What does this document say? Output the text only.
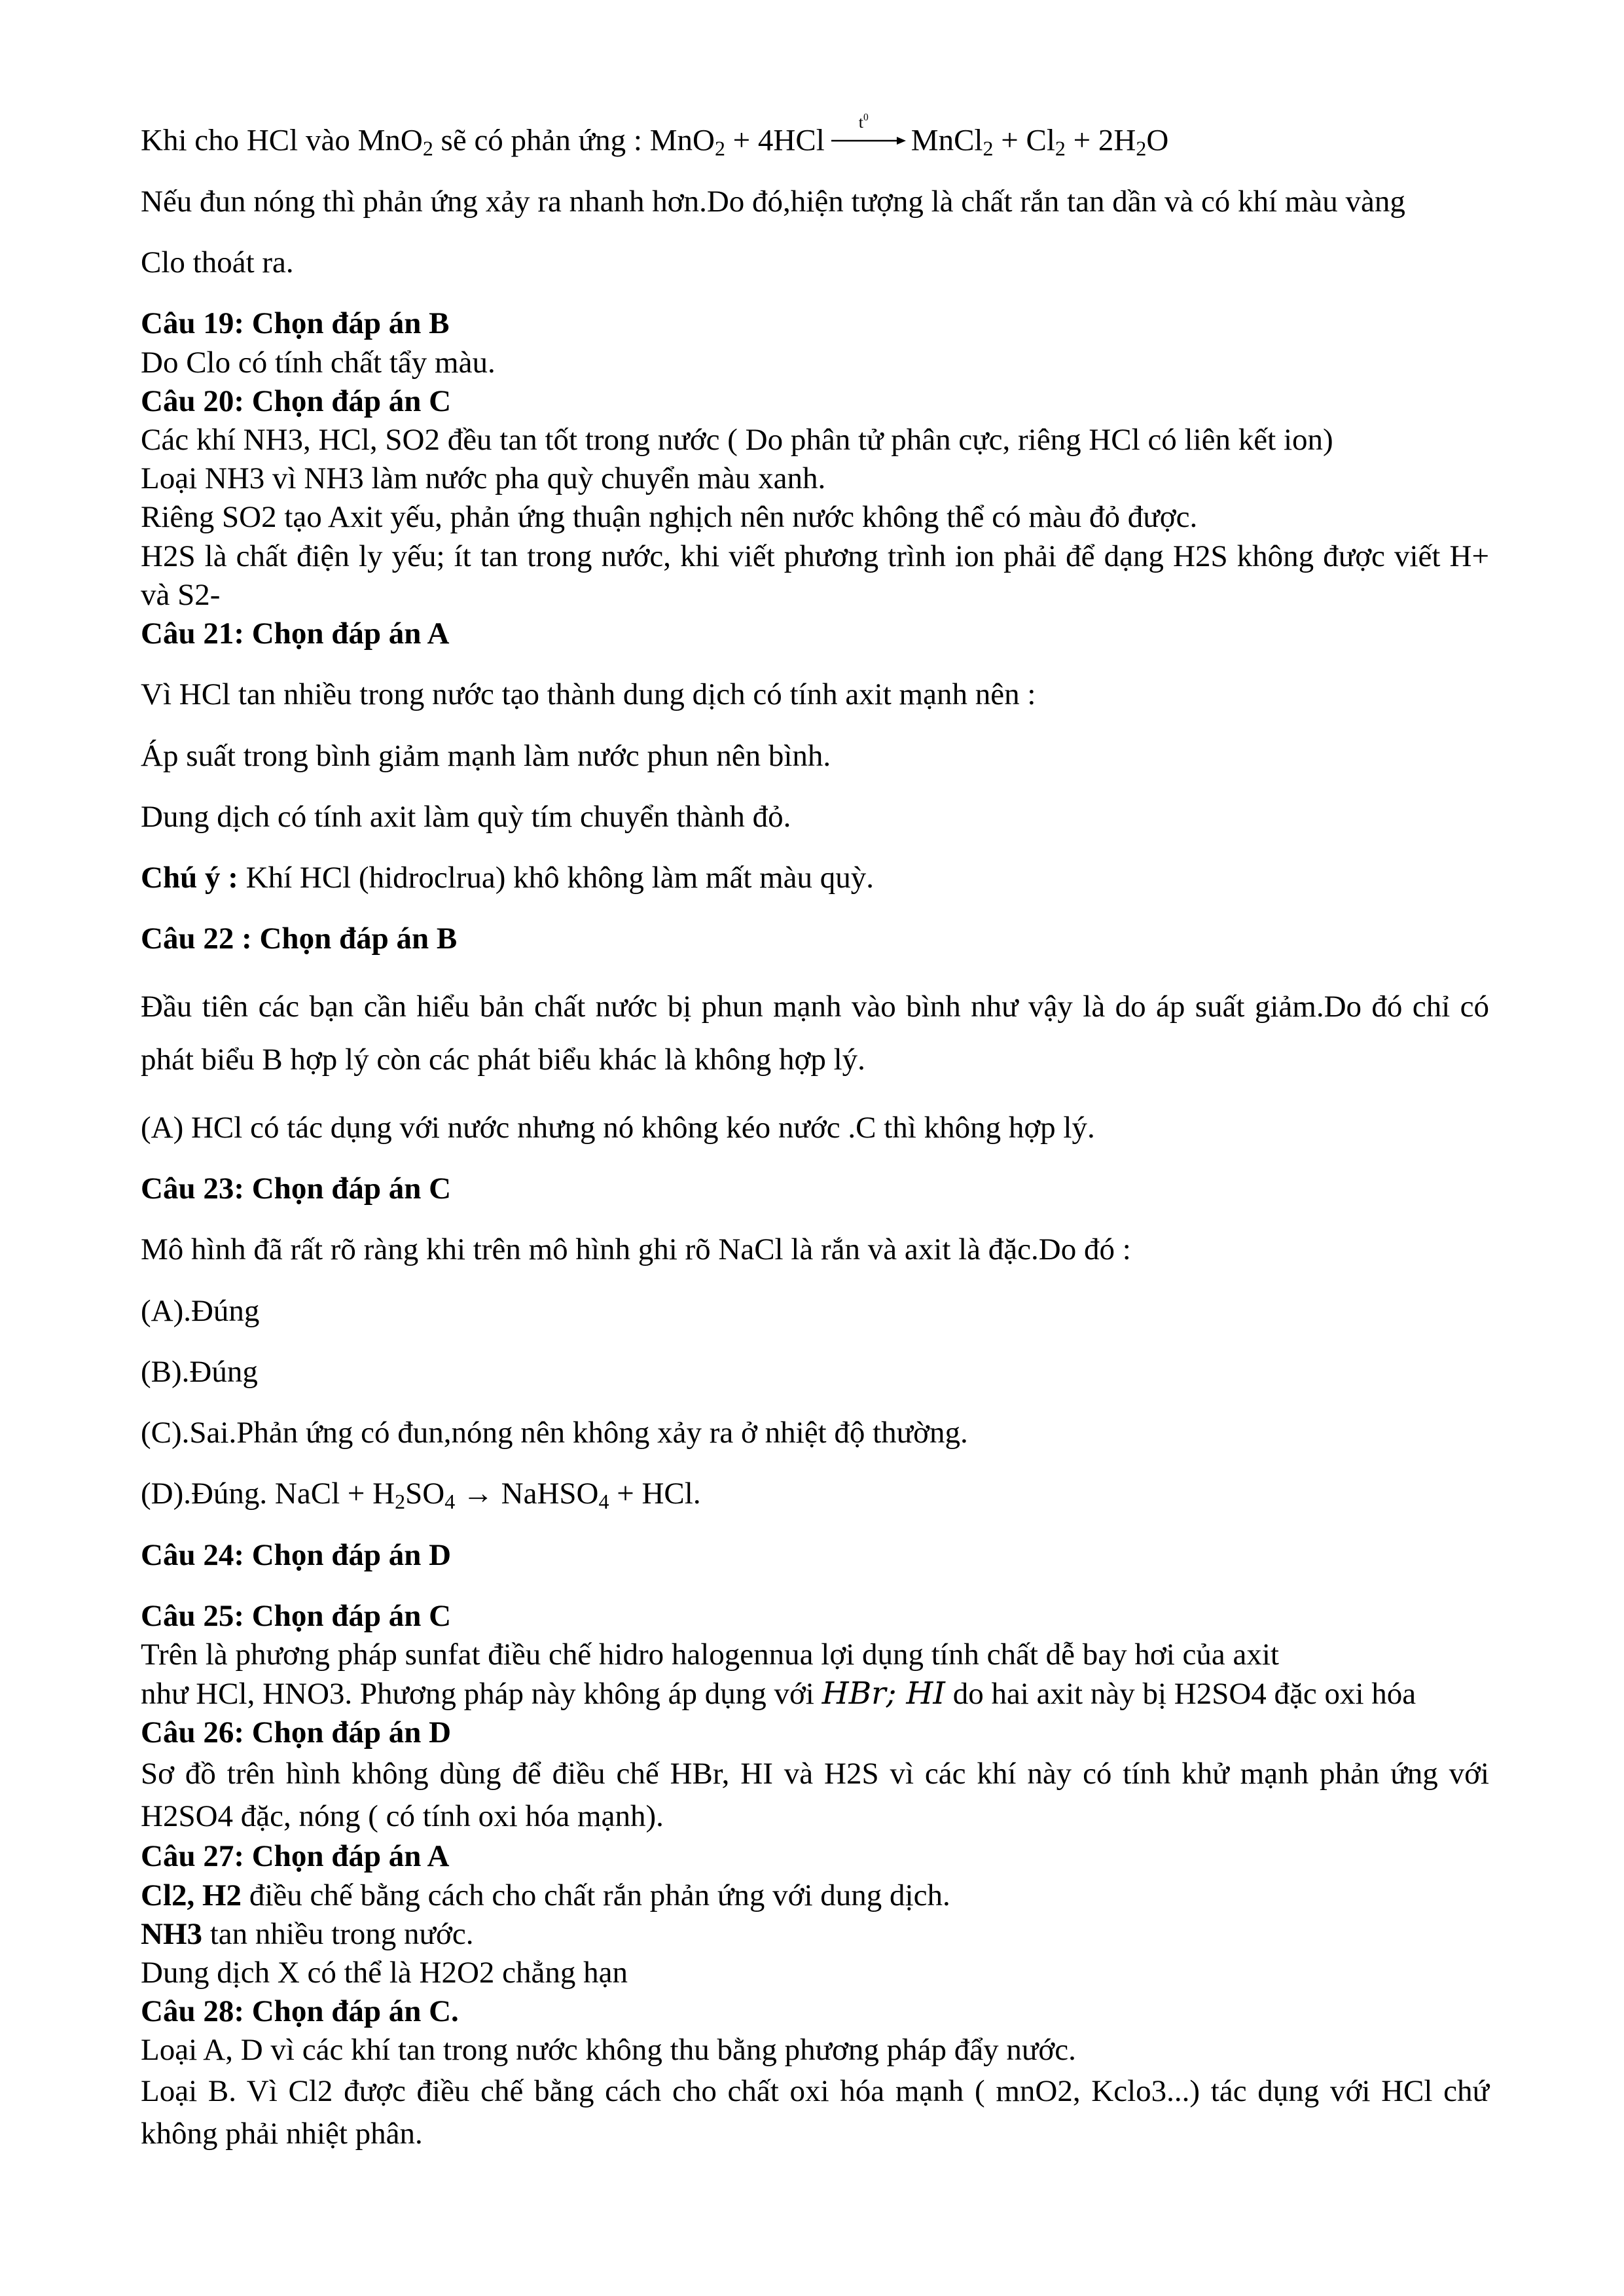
Khi cho HCl vào MnO$_2$ sẽ có phản ứng : MnO$_2$ + 4HCl
$t^0$
MnCl$_2$ + $Cl_2 + 2H_2O$

Nếu đun nóng thì phản ứng xảy ra nhanh hơn.Do đó,hiện tượng là chất rắn tan dần và có khí màu vàng

Clo thoát ra.

Câu 19: Chọn đáp án B

Do Clo có tính chất tẩy màu.

Câu 20: Chọn đáp án C

Các khí NH3, HCl, SO2 đều tan tốt trong nước ( Do phân tử phân cực, riêng HCl có liên kết ion)

Loại NH3 vì NH3 làm nước pha quỳ chuyển màu xanh.

Riêng SO2 tạo Axit yếu, phản ứng thuận nghịch nên nước không thể có màu đỏ được.

H2S là chất điện ly yếu; ít tan trong nước, khi viết phương trình ion phải để dạng H2S không được viết H+ và S2-

Câu 21: Chọn đáp án A

Vì HCl tan nhiều trong nước tạo thành dung dịch có tính axit mạnh nên :

Áp suất trong bình giảm mạnh làm nước phun nên bình.

Dung dịch có tính axit làm quỳ tím chuyển thành đỏ.

Chú ý : Khí HCl (hidroclrua) khô không làm mất màu quỳ.

Câu 22 : Chọn đáp án B

Đầu tiên các bạn cần hiểu bản chất nước bị phun mạnh vào bình như vậy là do áp suất giảm.Do đó chỉ có phát biểu B hợp lý còn các phát biểu khác là không hợp lý.

(A) HCl có tác dụng với nước nhưng nó không kéo nước .C thì không hợp lý.

Câu 23: Chọn đáp án C

Mô hình đã rất rõ ràng khi trên mô hình ghi rõ NaCl là rắn và axit là đặc.Do đó :

(A).Đúng

(B).Đúng

(C).Sai.Phản ứng có đun,nóng nên không xảy ra ở nhiệt độ thường.

(D).Đúng. NaCl + $H_2SO_4$ → NaHSO$_4$ + HCl.

Câu 24: Chọn đáp án D

Câu 25: Chọn đáp án C

Trên là phương pháp sunfat điều chế hidro halogennua lợi dụng tính chất dễ bay hơi của axit

như HCl, HNO3. Phương pháp này không áp dụng với HBr; HI do hai axit này bị H2SO4 đặc oxi hóa

Câu 26: Chọn đáp án D

Sơ đồ trên hình không dùng để điều chế HBr, HI và H2S vì các khí này có tính khử mạnh phản ứng với H2SO4 đặc, nóng ( có tính oxi hóa mạnh).

Câu 27: Chọn đáp án A

Cl2, H2 điều chế bằng cách cho chất rắn phản ứng với dung dịch.

NH3 tan nhiều trong nước.

Dung dịch X có thể là H2O2 chẳng hạn

Câu 28: Chọn đáp án C.

Loại A, D vì các khí tan trong nước không thu bằng phương pháp đẩy nước.

Loại B. Vì Cl2 được điều chế bằng cách cho chất oxi hóa mạnh ( mnO2, Kclo3...) tác dụng với HCl chứ không phải nhiệt phân.
